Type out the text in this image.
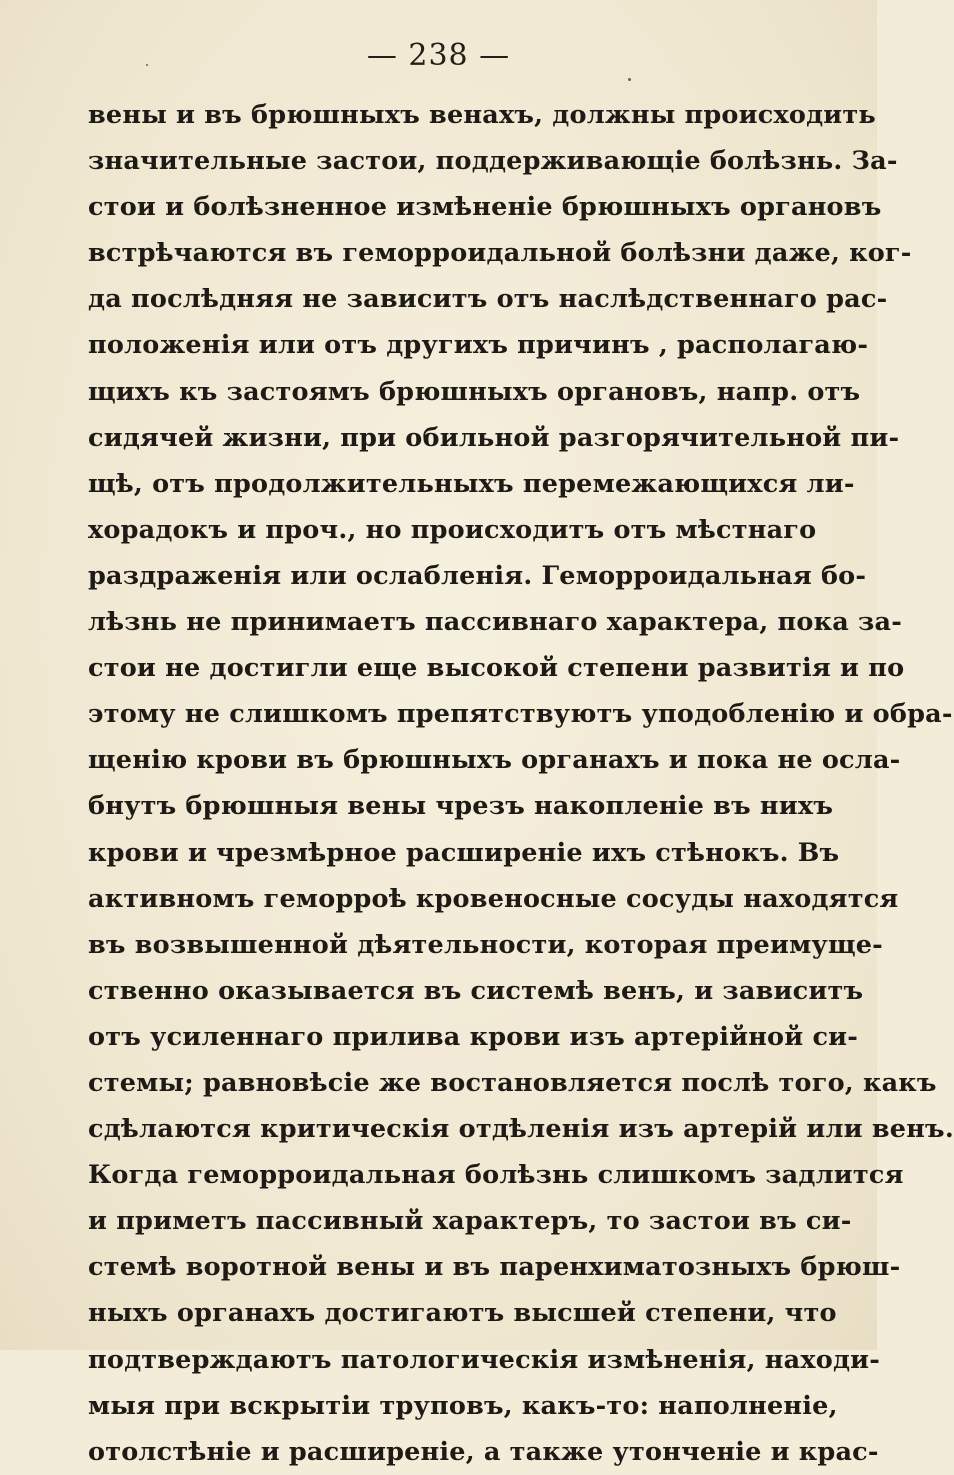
— 238 —
вены и въ брюшныхъ венахъ, должны происходить
значительные застои, поддерживающіе болѣзнь. За-
стои и болѣзненное измѣненіе брюшныхъ органовъ
встрѣчаются въ геморроидальной болѣзни даже, ког-
да послѣдняя не зависитъ отъ наслѣдственнаго рас-
положенія или отъ другихъ причинъ , располагаю-
щихъ къ застоямъ брюшныхъ органовъ, напр. отъ
сидячей жизни, при обильной разгорячительной пи-
щѣ, отъ продолжительныхъ перемежающихся ли-
хорадокъ и проч., но происходитъ отъ мѣстнаго
раздраженія или ослабленія. Геморроидальная бо-
лѣзнь не принимаетъ пассивнаго характера, пока за-
стои не достигли еще высокой степени развитія и по
этому не слишкомъ препятствуютъ уподобленію и обра-
щенію крови въ брюшныхъ органахъ и пока не осла-
бнутъ брюшныя вены чрезъ накопленіе въ нихъ
крови и чрезмѣрное расширеніе ихъ стѣнокъ. Въ
активномъ геморроѣ кровеносные сосуды находятся
въ возвышенной дѣятельности, которая преимуще-
ственно оказывается въ системѣ венъ, и зависитъ
отъ усиленнаго прилива крови изъ артерійной си-
стемы; равновѣсіе же востановляется послѣ того, какъ
сдѣлаются критическія отдѣленія изъ артерій или венъ.
Когда геморроидальная болѣзнь слишкомъ задлится
и приметъ пассивный характеръ, то застои въ си-
стемѣ воротной вены и въ паренхиматозныхъ брюш-
ныхъ органахъ достигаютъ высшей степени, что
подтверждаютъ патологическія измѣненія, находи-
мыя при вскрытіи труповъ, какъ-то: наполненіе,
отолстѣніе и расширеніе, а также утонченіе и крас-
